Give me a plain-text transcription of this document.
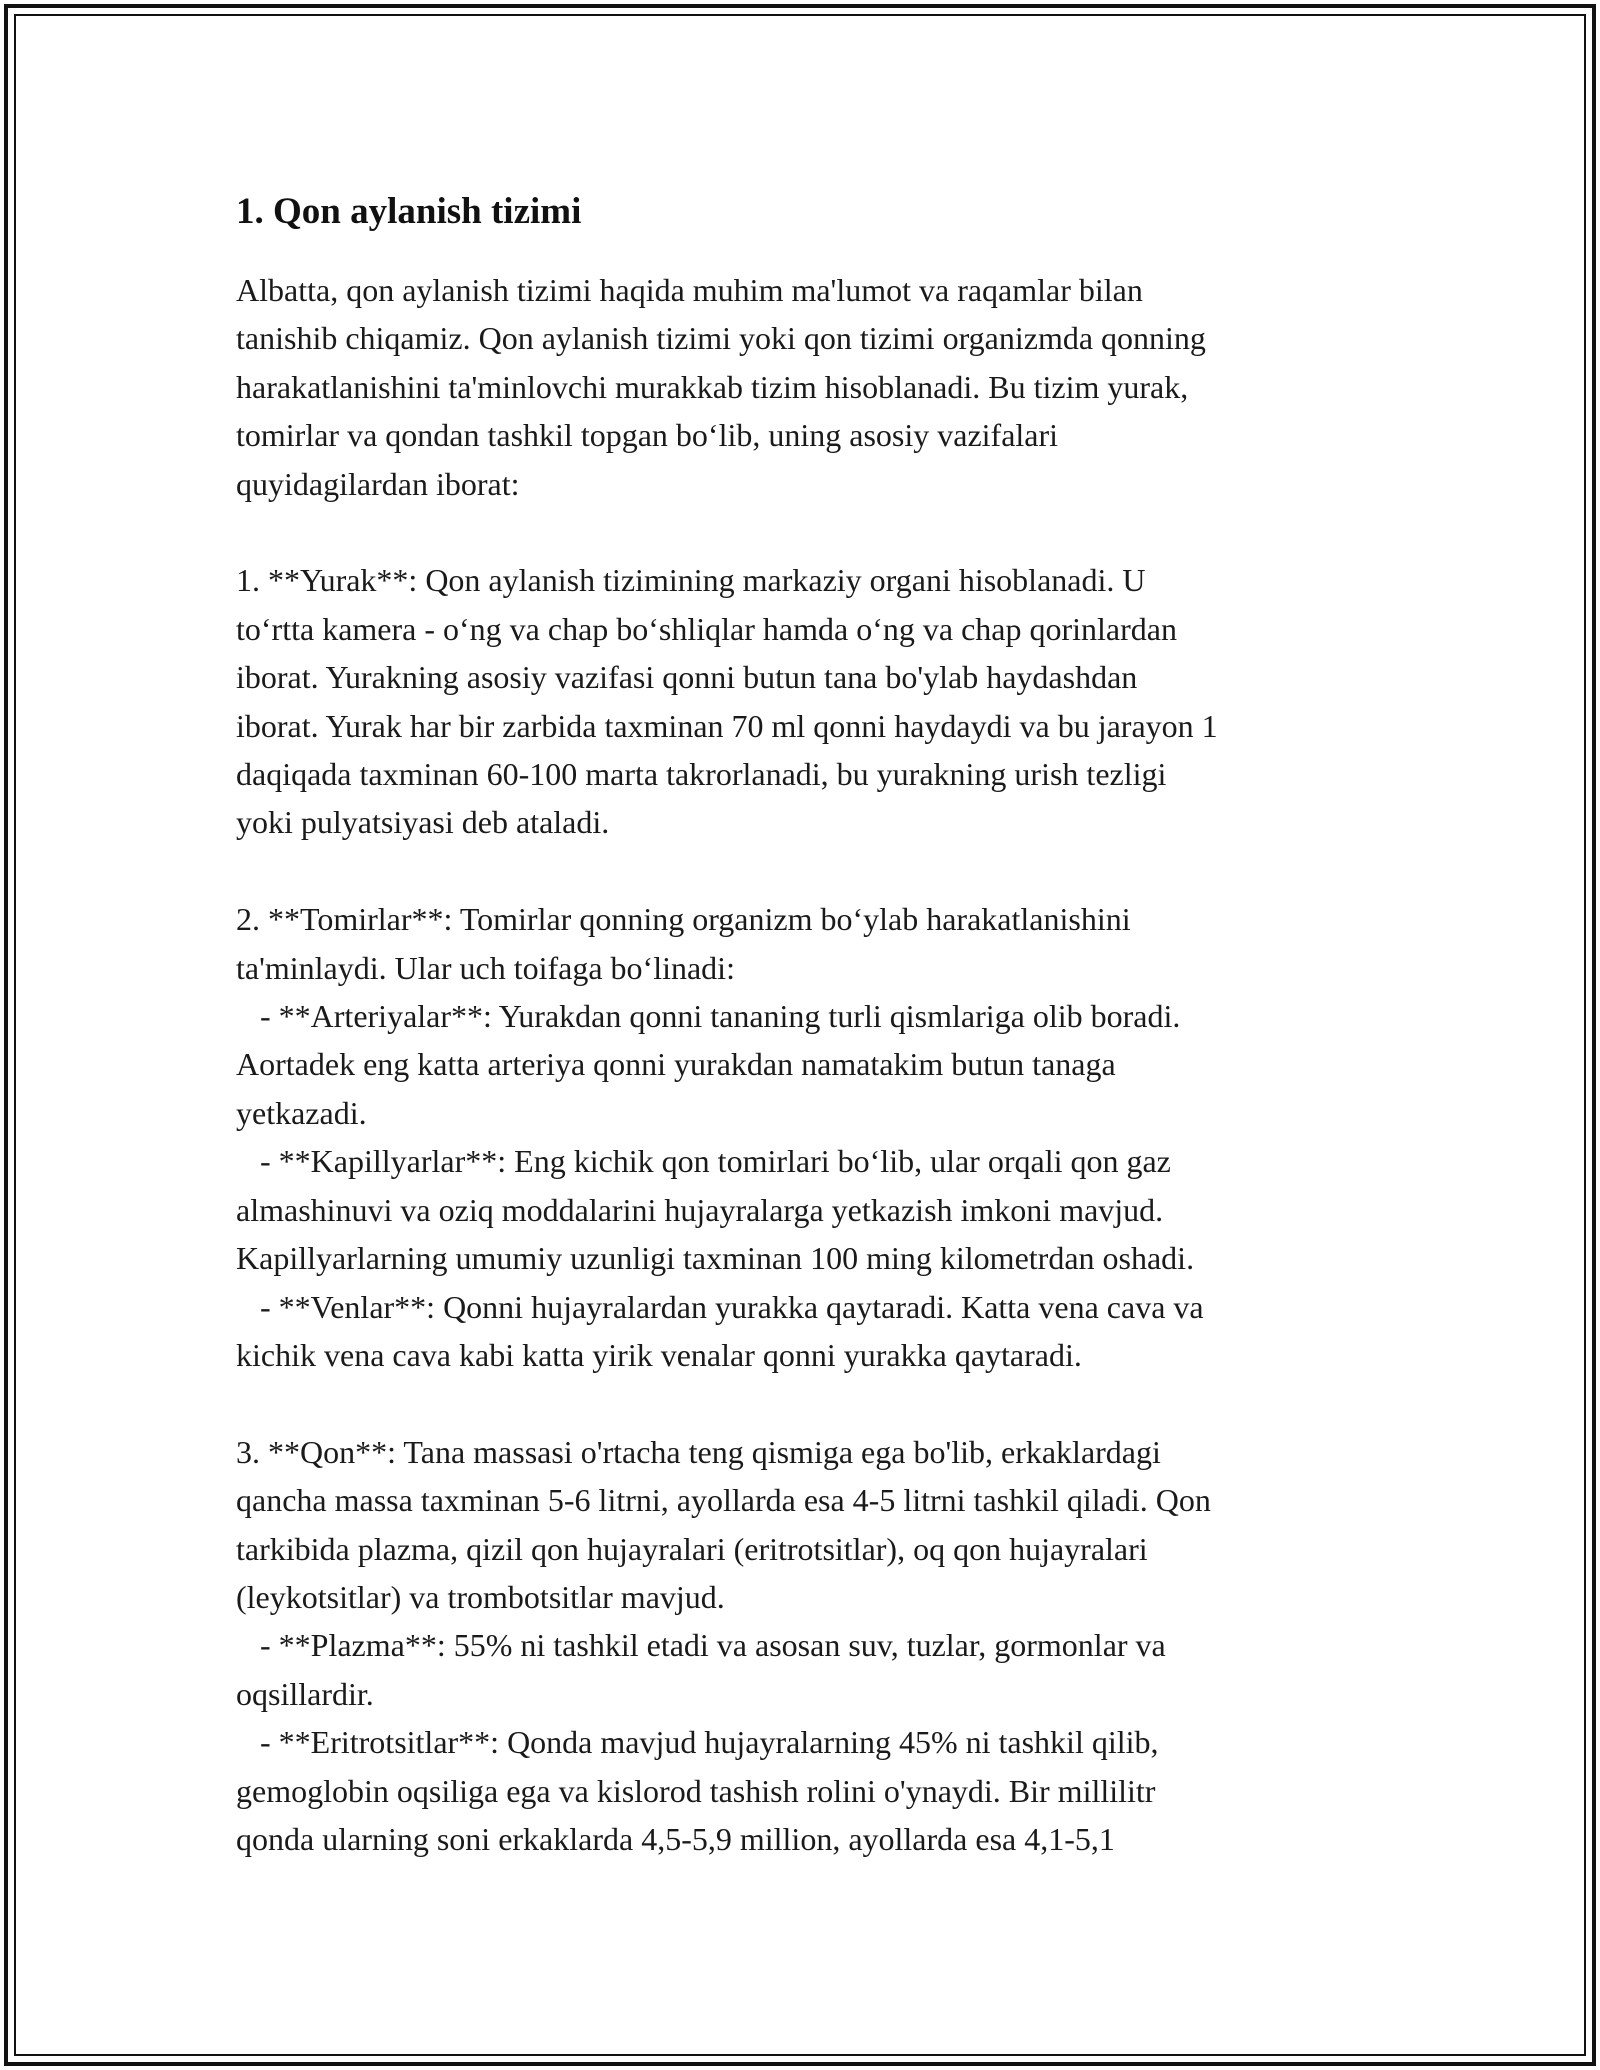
1. Qon aylanish tizimi

Albatta, qon aylanish tizimi haqida muhim ma'lumot va raqamlar bilan
tanishib chiqamiz. Qon aylanish tizimi yoki qon tizimi organizmda qonning
harakatlanishini ta'minlovchi murakkab tizim hisoblanadi. Bu tizim yurak,
tomirlar va qondan tashkil topgan bo‘lib, uning asosiy vazifalari
quyidagilardan iborat:

1. **Yurak**: Qon aylanish tizimining markaziy organi hisoblanadi. U
to‘rtta kamera - o‘ng va chap bo‘shliqlar hamda o‘ng va chap qorinlardan
iborat. Yurakning asosiy vazifasi qonni butun tana bo'ylab haydashdan
iborat. Yurak har bir zarbida taxminan 70 ml qonni haydaydi va bu jarayon 1
daqiqada taxminan 60-100 marta takrorlanadi, bu yurakning urish tezligi
yoki pulyatsiyasi deb ataladi.

2. **Tomirlar**: Tomirlar qonning organizm bo‘ylab harakatlanishini
ta'minlaydi. Ular uch toifaga bo‘linadi:
- **Arteriyalar**: Yurakdan qonni tananing turli qismlariga olib boradi.
Aortadek eng katta arteriya qonni yurakdan namatakim butun tanaga
yetkazadi.
- **Kapillyarlar**: Eng kichik qon tomirlari bo‘lib, ular orqali qon gaz
almashinuvi va oziq moddalarini hujayralarga yetkazish imkoni mavjud.
Kapillyarlarning umumiy uzunligi taxminan 100 ming kilometrdan oshadi.
- **Venlar**: Qonni hujayralardan yurakka qaytaradi. Katta vena cava va
kichik vena cava kabi katta yirik venalar qonni yurakka qaytaradi.

3. **Qon**: Tana massasi o'rtacha teng qismiga ega bo'lib, erkaklardagi
qancha massa taxminan 5-6 litrni, ayollarda esa 4-5 litrni tashkil qiladi. Qon
tarkibida plazma, qizil qon hujayralari (eritrotsitlar), oq qon hujayralari
(leykotsitlar) va trombotsitlar mavjud.
- **Plazma**: 55% ni tashkil etadi va asosan suv, tuzlar, gormonlar va
oqsillardir.
- **Eritrotsitlar**: Qonda mavjud hujayralarning 45% ni tashkil qilib,
gemoglobin oqsiliga ega va kislorod tashish rolini o'ynaydi. Bir millilitr
qonda ularning soni erkaklarda 4,5-5,9 million, ayollarda esa 4,1-5,1
